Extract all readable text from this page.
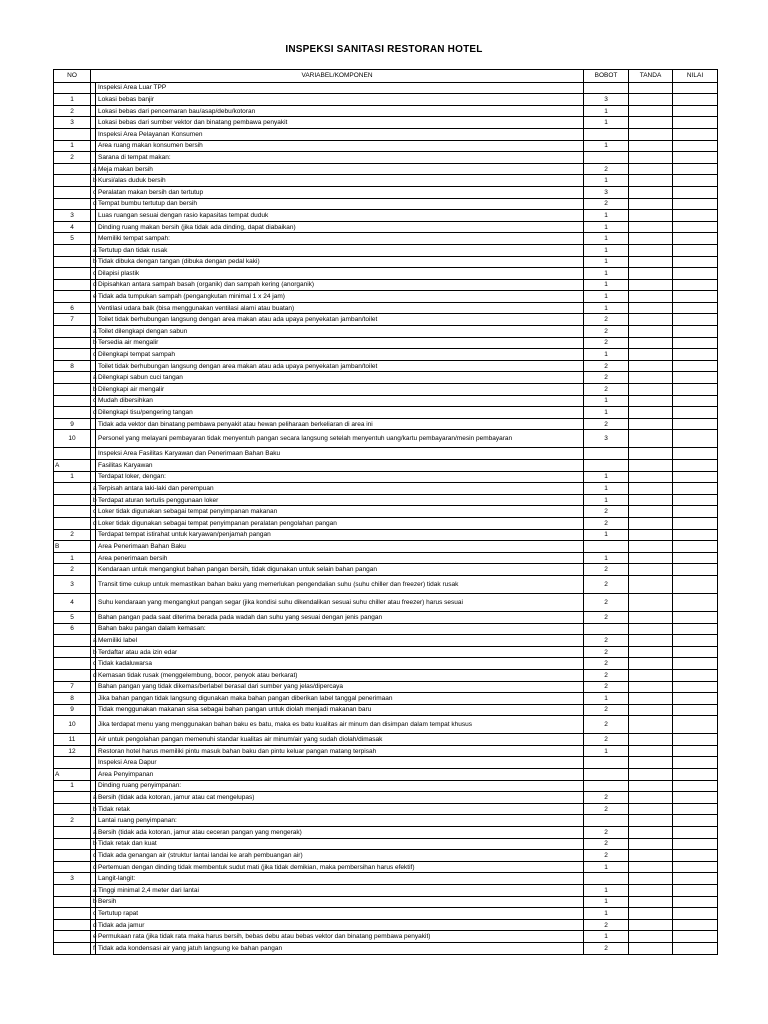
INSPEKSI SANITASI RESTORAN HOTEL
NO	VARIABEL/KOMPONEN		BOBOT	TANDA	NILAI
		Inspeksi Area Luar TPP			
1		Lokasi bebas banjir	3		
2		Lokasi bebas dari pencemaran bau/asap/debu/kotoran	1		
3		Lokasi bebas dari sumber vektor dan binatang pembawa penyakit	1		
		Inspeksi Area Pelayanan Konsumen			
1		Area ruang makan konsumen bersih	1		
2		Sarana di tempat makan:			
	a	Meja makan bersih	2		
	b	Kursi/alas duduk bersih	1		
	c	Peralatan makan bersih dan tertutup	3		
	d	Tempat bumbu tertutup dan bersih	2		
3		Luas ruangan sesuai dengan rasio kapasitas tempat duduk	1		
4		Dinding ruang makan bersih (jika tidak ada dinding, dapat diabaikan)	1		
5		Memiliki tempat sampah:	1		
	a	Tertutup dan tidak rusak	1		
	b	Tidak dibuka dengan tangan (dibuka dengan pedal kaki)	1		
	c	Dilapisi plastik	1		
	d	Dipisahkan antara sampah basah (organik) dan sampah kering (anorganik)	1		
	e	Tidak ada tumpukan sampah (pengangkutan minimal 1 x 24 jam)	1		
6		Ventilasi udara baik (bisa menggunakan ventilasi alami atau buatan)	1		
7		Toilet tidak berhubungan langsung dengan area makan atau ada upaya penyekatan jamban/toilet	2		
	a	Toilet dilengkapi dengan sabun	2		
	b	Tersedia air mengalir	2		
	c	Dilengkapi tempat sampah	1		
8		Toilet tidak berhubungan langsung dengan area makan atau ada upaya penyekatan jamban/toilet	2		
	a	Dilengkapi sabun cuci tangan	2		
	b	Dilengkapi air mengalir	2		
	c	Mudah dibersihkan	1		
	d	Dilengkapi tisu/pengering tangan	1		
9		Tidak ada vektor dan binatang pembawa penyakit atau hewan peliharaan berkeliaran di area ini	2		
10		Personel yang melayani pembayaran tidak menyentuh pangan secara langsung setelah menyentuh uang/kartu pembayaran/mesin pembayaran	3		
		Inspeksi Area Fasilitas Karyawan dan Penerimaan Bahan Baku			
A		Fasilitas Karyawan			
1		Terdapat loker, dengan:	1		
	a	Terpisah antara laki-laki dan perempuan	1		
	b	Terdapat aturan tertulis penggunaan loker	1		
	c	Loker tidak digunakan sebagai tempat penyimpanan makanan	2		
	d	Loker tidak digunakan sebagai tempat penyimpanan peralatan pengolahan pangan	2		
2		Terdapat tempat istirahat untuk karyawan/penjamah pangan	1		
B		Area Penerimaan Bahan Baku			
1		Area penerimaan bersih	1		
2		Kendaraan untuk mengangkut bahan pangan bersih, tidak digunakan untuk selain bahan pangan	2		
3		Transit time cukup untuk memastikan bahan baku yang memerlukan pengendalian suhu (suhu chiller dan freezer) tidak rusak	2		
4		Suhu kendaraan yang mengangkut pangan segar (jika kondisi suhu dikendalikan sesuai suhu chiller atau freezer) harus sesuai	2		
5		Bahan pangan pada saat diterima berada pada wadah dan suhu yang sesuai dengan jenis pangan	2		
6		Bahan baku pangan dalam kemasan:			
	a	Memiliki label	2		
	b	Terdaftar atau ada izin edar	2		
	c	Tidak kadaluwarsa	2		
	d	Kemasan tidak rusak (menggelembung, bocor, penyok atau berkarat)	2		
7		Bahan pangan yang tidak dikemas/berlabel berasal dari sumber yang jelas/dipercaya	2		
8		Jika bahan pangan tidak langsung digunakan maka bahan pangan diberikan label tanggal penerimaan	1		
9		Tidak menggunakan makanan sisa sebagai bahan pangan untuk diolah menjadi makanan baru	2		
10		Jika terdapat menu yang menggunakan bahan baku es batu, maka es batu kualitas air minum dan disimpan dalam tempat khusus	2		
11		Air untuk pengolahan pangan memenuhi standar kualitas air minum/air yang sudah diolah/dimasak	2		
12		Restoran hotel harus memiliki pintu masuk bahan baku dan pintu keluar pangan matang terpisah	1		
		Inspeksi Area Dapur			
A		Area Penyimpanan			
1		Dinding ruang penyimpanan:			
	a	Bersih (tidak ada kotoran, jamur atau cat mengelupas)	2		
	b	Tidak retak	2		
2		Lantai ruang penyimpanan:			
	a	Bersih (tidak ada kotoran, jamur atau ceceran pangan yang mengerak)	2		
	b	Tidak retak dan kuat	2		
	c	Tidak ada genangan air (struktur lantai landai ke arah pembuangan air)	2		
	d	Pertemuan dengan dinding tidak membentuk sudut mati (jika tidak demikian, maka pembersihan harus efektif)	1		
3		Langit-langit:			
	a	Tinggi minimal 2,4 meter dari lantai	1		
	b	Bersih	1		
	c	Tertutup rapat	1		
	d	Tidak ada jamur	2		
	e	Permukaan rata (jika tidak rata maka harus bersih, bebas debu atau bebas vektor dan binatang pembawa penyakit)	1		
	f	Tidak ada kondensasi air yang jatuh langsung ke bahan pangan	2		
